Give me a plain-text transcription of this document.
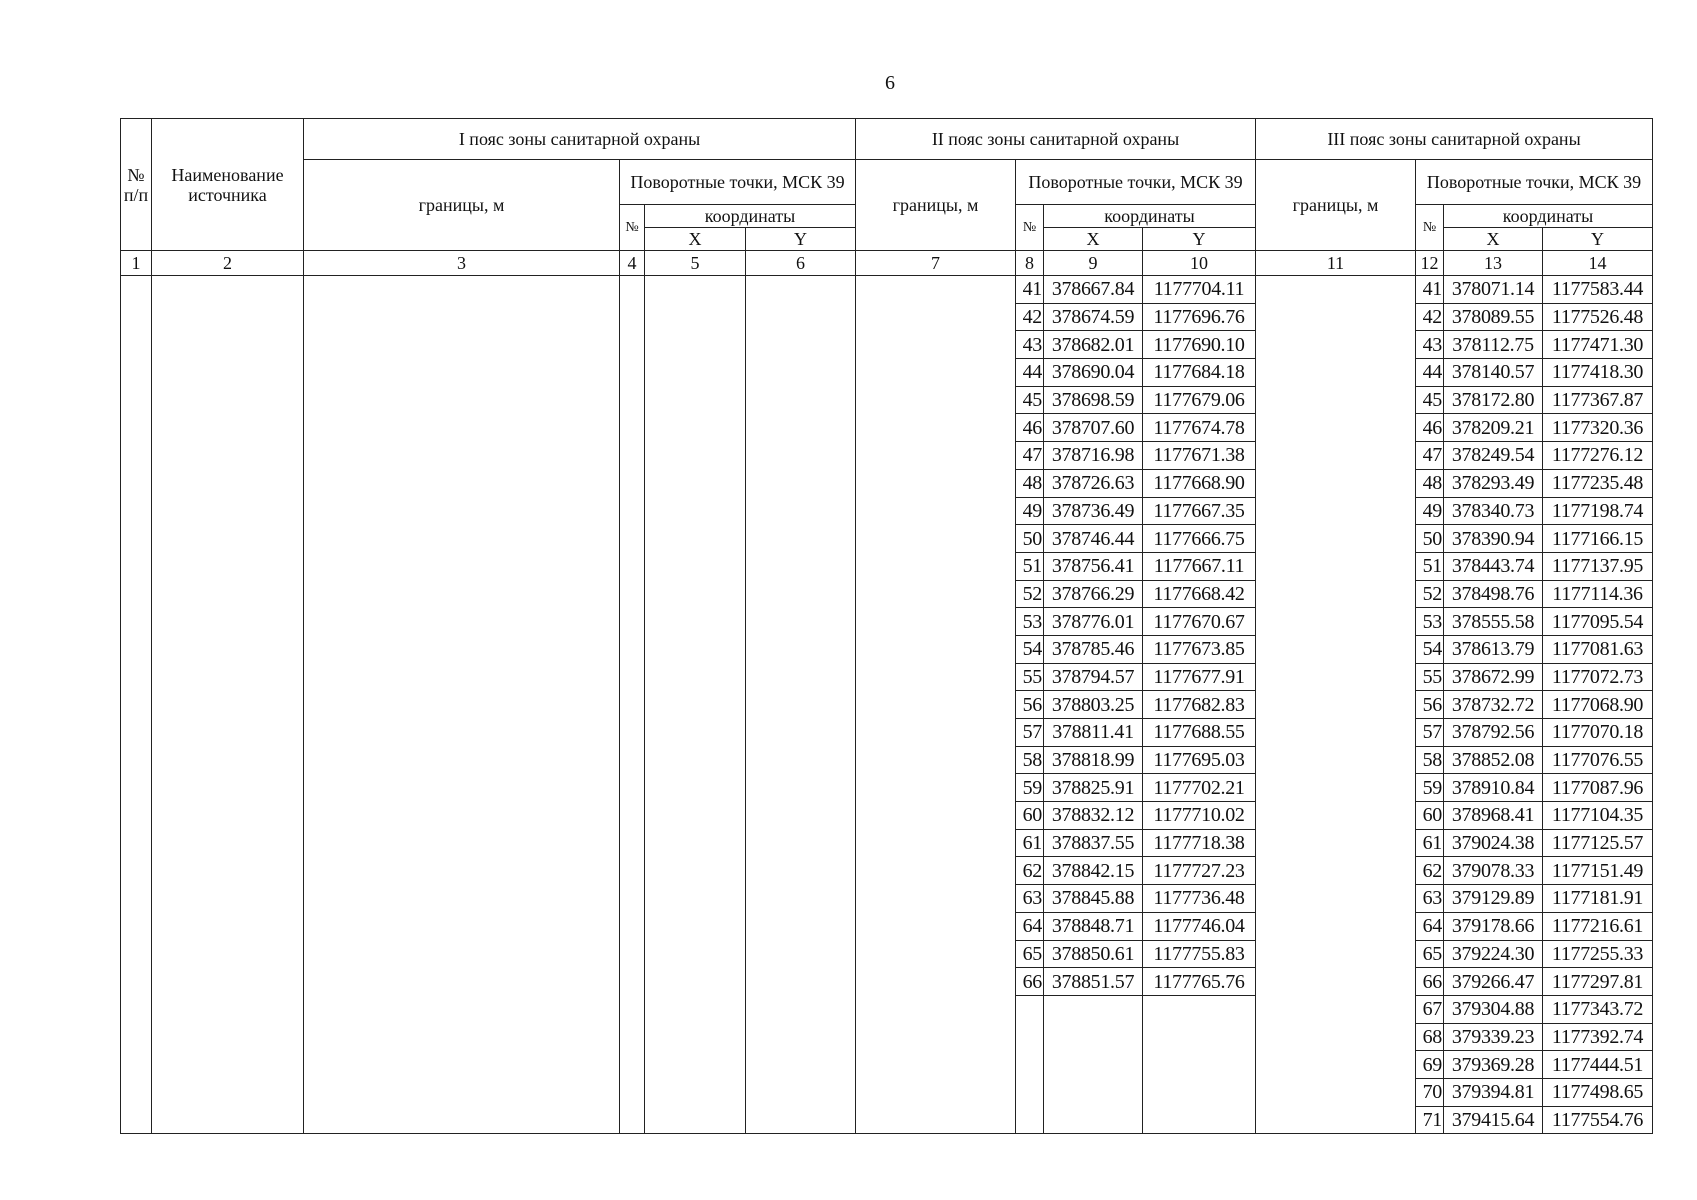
6
№ п/п	Наименование источника	I пояс зоны санитарной охраны				II пояс зоны санитарной охраны				III пояс зоны санитарной охраны			
		границы, м	Поворотные точки, МСК 39			границы, м	Поворотные точки, МСК 39			границы, м	Поворотные точки, МСК 39		
			№	координаты			№	координаты			№	координаты	
				X	Y			X	Y			X	Y
1	2	3	4	5	6	7	8	9	10	11	12	13	14
							41	378667.84	1177704.11		41	378071.14	1177583.44
							42	378674.59	1177696.76		42	378089.55	1177526.48
							43	378682.01	1177690.10		43	378112.75	1177471.30
							44	378690.04	1177684.18		44	378140.57	1177418.30
							45	378698.59	1177679.06		45	378172.80	1177367.87
							46	378707.60	1177674.78		46	378209.21	1177320.36
							47	378716.98	1177671.38		47	378249.54	1177276.12
							48	378726.63	1177668.90		48	378293.49	1177235.48
							49	378736.49	1177667.35		49	378340.73	1177198.74
							50	378746.44	1177666.75		50	378390.94	1177166.15
							51	378756.41	1177667.11		51	378443.74	1177137.95
							52	378766.29	1177668.42		52	378498.76	1177114.36
							53	378776.01	1177670.67		53	378555.58	1177095.54
							54	378785.46	1177673.85		54	378613.79	1177081.63
							55	378794.57	1177677.91		55	378672.99	1177072.73
							56	378803.25	1177682.83		56	378732.72	1177068.90
							57	378811.41	1177688.55		57	378792.56	1177070.18
							58	378818.99	1177695.03		58	378852.08	1177076.55
							59	378825.91	1177702.21		59	378910.84	1177087.96
							60	378832.12	1177710.02		60	378968.41	1177104.35
							61	378837.55	1177718.38		61	379024.38	1177125.57
							62	378842.15	1177727.23		62	379078.33	1177151.49
							63	378845.88	1177736.48		63	379129.89	1177181.91
							64	378848.71	1177746.04		64	379178.66	1177216.61
							65	378850.61	1177755.83		65	379224.30	1177255.33
							66	378851.57	1177765.76		66	379266.47	1177297.81
											67	379304.88	1177343.72
											68	379339.23	1177392.74
											69	379369.28	1177444.51
											70	379394.81	1177498.65
											71	379415.64	1177554.76
